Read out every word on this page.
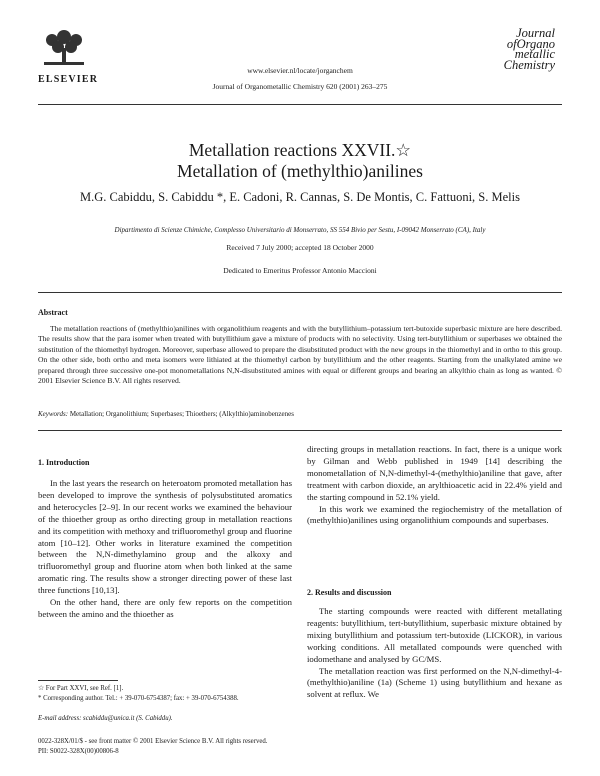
ELSEVIER
www.elsevier.nl/locate/jorganchem
Journal of Organometallic Chemistry 620 (2001) 263–275
Journal
ofOrgano
metallic
Chemistry
Metallation reactions XXVII.☆
Metallation of (methylthio)anilines
M.G. Cabiddu, S. Cabiddu *, E. Cadoni, R. Cannas, S. De Montis, C. Fattuoni, S. Melis
Dipartimento di Scienze Chimiche, Complesso Universitario di Monserrato, SS 554 Bivio per Sestu, I-09042 Monserrato (CA), Italy
Received 7 July 2000; accepted 18 October 2000
Dedicated to Emeritus Professor Antonio Maccioni
Abstract
The metallation reactions of (methylthio)anilines with organolithium reagents and with the butyllithium–potassium tert-butoxide superbasic mixture are here described. The results show that the para isomer when treated with butyllithium gave a mixture of products with no selectivity. Using tert-butyllithium or superbases we obtained the substitution of the thiomethyl hydrogen. Moreover, superbase allowed to prepare the disubstituted product with the new groups in the thiomethyl and in ortho to this group. On the other side, both ortho and meta isomers were lithiated at the thiomethyl carbon by butyllithium and the other reagents. Starting from the unalkylated amine we prepared through three successive one-pot monometallations N,N-disubstituted amines with equal or different groups and bearing an alkylthio chain as long as wanted. © 2001 Elsevier Science B.V. All rights reserved.
Keywords: Metallation; Organolithium; Superbases; Thioethers; (Alkylthio)aminobenzenes
1. Introduction

In the last years the research on heteroatom promoted metallation has been developed to improve the synthesis of polysubstituted aromatics and heterocycles [2–9]. In our recent works we examined the behaviour of the thioether group as ortho directing group in metallation reactions and its competition with methoxy and trifluoromethyl group and fluorine atom [10–12]. Other works in literature examined the competition between the N,N-dimethylamino group and the alkoxy and trifluoromethyl group and fluorine atom when both linked at the same aromatic ring. The results show a stronger directing power of these last three functions [10,13].

On the other hand, there are only few reports on the competition between the amino and the thioether as

directing groups in metallation reactions. In fact, there is a unique work by Gilman and Webb published in 1949 [14] describing the monometallation of N,N-dimethyl-4-(methylthio)aniline that gave, after treatment with carbon dioxide, an arylthioacetic acid in 22.4% yield and the starting compound in 52.1% yield.

In this work we examined the regiochemistry of the metallation of (methylthio)anilines using organolithium compounds and superbases.

2. Results and discussion

The starting compounds were reacted with different metallating reagents: butyllithium, tert-butyllithium, superbasic mixture obtained by mixing butyllithium and potassium tert-butoxide (LICKOR), in various working conditions. All metallated compounds were quenched with iodomethane and analysed by GC/MS.

The metallation reaction was first performed on the N,N-dimethyl-4-(methylthio)aniline (1a) (Scheme 1) using butyllithium and hexane as solvent at reflux. We

☆ For Part XXVI, see Ref. [1].
* Corresponding author. Tel.: + 39-070-6754387; fax: + 39-070-6754388.
E-mail address: scabiddu@unica.it (S. Cabiddu).
0022-328X/01/$ - see front matter © 2001 Elsevier Science B.V. All rights reserved.
PII: S0022-328X(00)00806-8
